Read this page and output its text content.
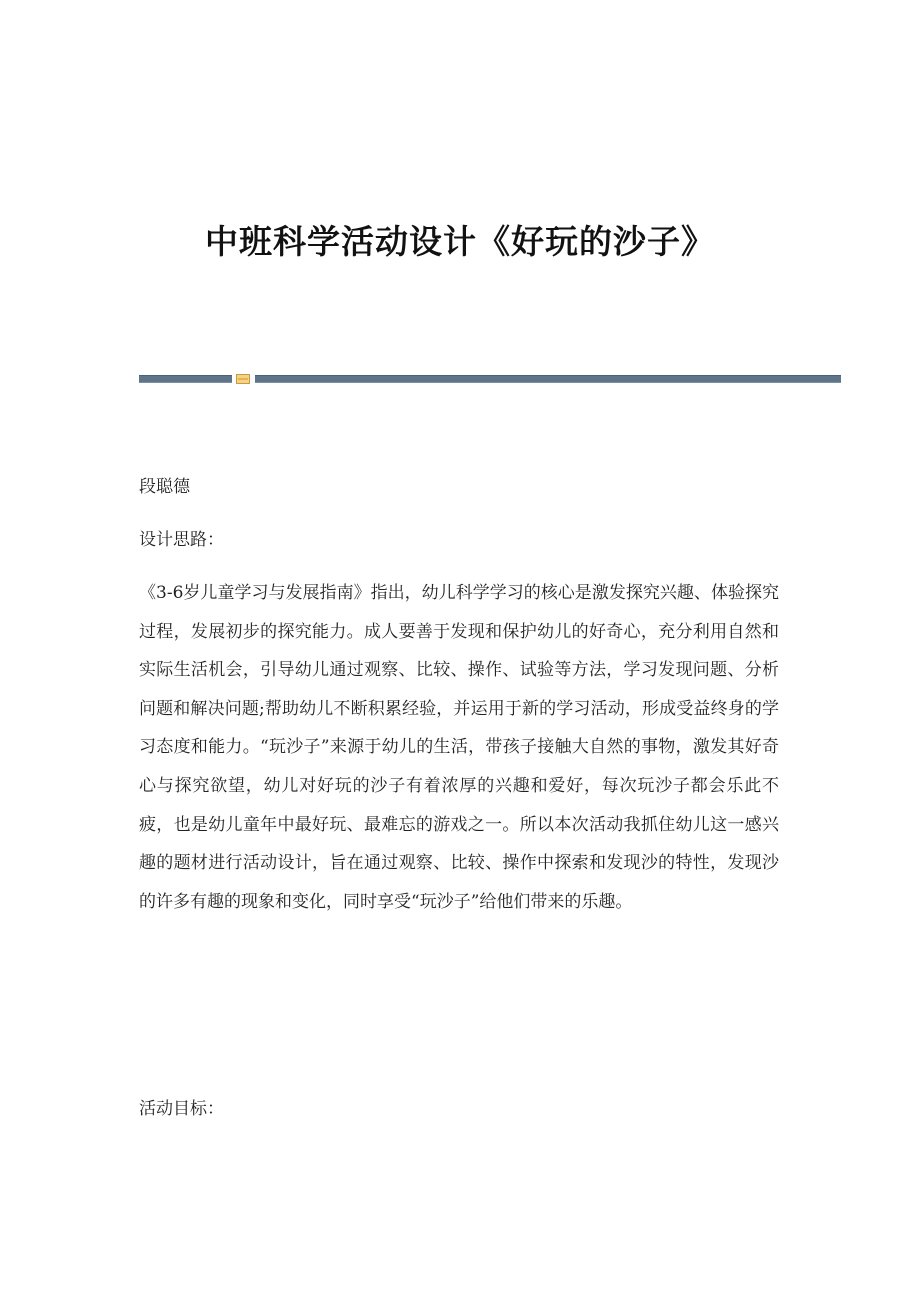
中班科学活动设计《好玩的沙子》

段聪德

设计思路：

《3-6岁儿童学习与发展指南》指出，幼儿科学学习的核心是激发探究兴趣、体验探究过程，发展初步的探究能力。成人要善于发现和保护幼儿的好奇心，充分利用自然和实际生活机会，引导幼儿通过观察、比较、操作、试验等方法，学习发现问题、分析问题和解决问题;帮助幼儿不断积累经验，并运用于新的学习活动，形成受益终身的学习态度和能力。“玩沙子”来源于幼儿的生活，带孩子接触大自然的事物，激发其好奇心与探究欲望，幼儿对好玩的沙子有着浓厚的兴趣和爱好，每次玩沙子都会乐此不疲，也是幼儿童年中最好玩、最难忘的游戏之一。所以本次活动我抓住幼儿这一感兴趣的题材进行活动设计，旨在通过观察、比较、操作中探索和发现沙的特性，发现沙的许多有趣的现象和变化，同时享受“玩沙子”给他们带来的乐趣。

活动目标：
